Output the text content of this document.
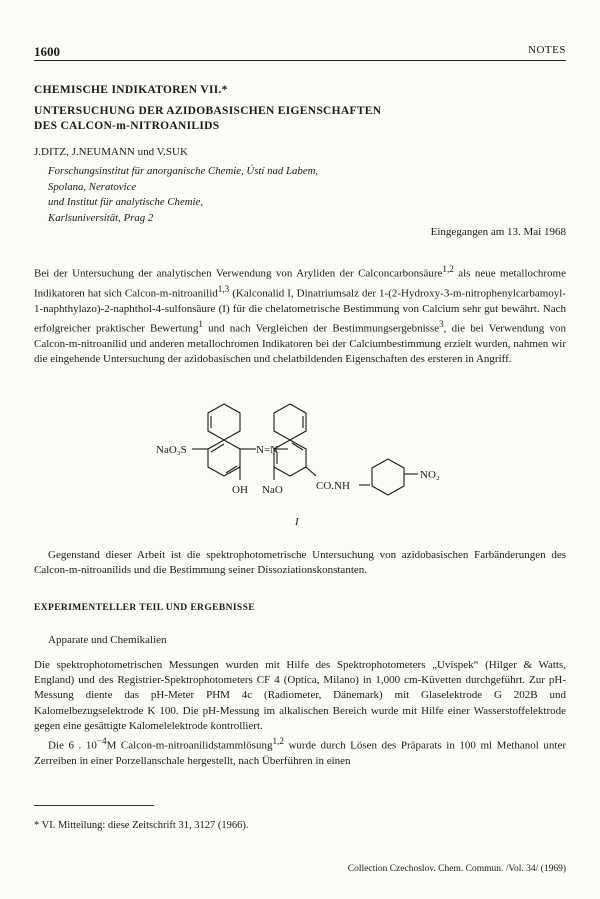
1600	NOTES
CHEMISCHE INDIKATOREN VII.*
UNTERSUCHUNG DER AZIDOBASISCHEN EIGENSCHAFTEN
DES CALCON-m-NITROANILIDS
J.DITZ, J.NEUMANN und V.SUK
Forschungsinstitut für anorganische Chemie, Ústí nad Labem,
Spolana, Neratovice
und Institut für analytische Chemie,
Karlsuniversität, Prag 2
Eingegangen am 13. Mai 1968
Bei der Untersuchung der analytischen Verwendung von Aryliden der Calconcarbonsäure$^{1,2}$ als neue metallochrome Indikatoren hat sich Calcon-m-nitroanilid$^{1,3}$ (Kalconalid I, Dinatriumsalz der 1-(2-Hydroxy-3-m-nitrophenylcarbamoyl-1-naphthylazo)-2-naphthol-4-sulfonsäure (I) für die chelatometrische Bestimmung von Calcium sehr gut bewährt. Nach erfolgreicher praktischer Bewertung$^1$ und nach Vergleichen der Bestimmungsergebnisse$^3$, die bei Verwendung von Calcon-m-nitroanilid und anderen metallochromen Indikatoren bei der Calciumbestimmung erzielt wurden, nahmen wir die eingehende Untersuchung der azidobasischen und chelatbildenden Eigenschaften des ersteren in Angriff.
NaO₃S	N=N
OH NaO	CO.NH
NO₂
I
Gegenstand dieser Arbeit ist die spektrophotometrische Untersuchung von azidobasischen Farbänderungen des Calcon-m-nitroanilids und die Bestimmung seiner Dissoziationskonstanten.
EXPERIMENTELLER TEIL UND ERGEBNISSE
Apparate und Chemikalien
Die spektrophotometrischen Messungen wurden mit Hilfe des Spektrophotometers „Uvispek“ (Hilger & Watts, England) und des Registrier-Spektrophotometers CF 4 (Optica, Milano) in 1,000 cm-Küvetten durchgeführt. Zur pH-Messung diente das pH-Meter PHM 4c (Radiometer, Dänemark) mit Glaselektrode G 202B und Kalomelbezugselektrode K 100. Die pH-Messung im alkalischen Bereich wurde mit Hilfe einer Wasserstoffelektrode gegen eine gesättigte Kalomelelektrode kontrolliert.
Die 6 . $10^{-4}M$ Calcon-m-nitroanilidstammlösung$^{1,2}$ wurde durch Lösen des Präparats in 100 ml Methanol unter Zerreiben in einer Porzellanschale hergestellt, nach Überführen in einen
* VI. Mitteilung: diese Zeitschrift 31, 3127 (1966).
Collection Czechoslov. Chem. Commun. /Vol. 34/ (1969)
